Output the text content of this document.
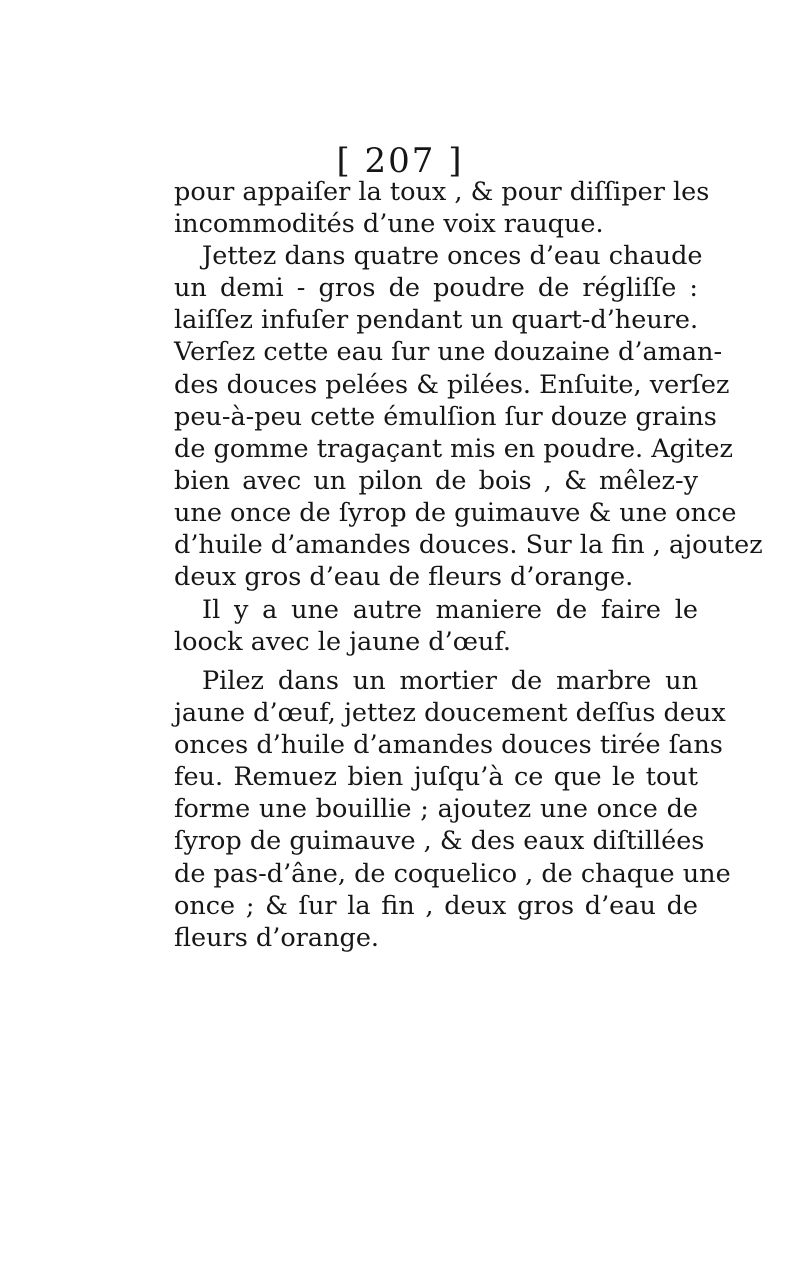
[ 207 ]
pour appaiſer la toux , & pour diſſiper les
incommodités d’une voix rauque.
Jettez dans quatre onces d’eau chaude
un demi - gros de poudre de régliſſe :
laiſſez infuſer pendant un quart-d’heure.
Verſez cette eau ſur une douzaine d’aman-
des douces pelées & pilées. Enſuite, verſez
peu-à-peu cette émulſion ſur douze grains
de gomme tragaçant mis en poudre. Agitez
bien avec un pilon de bois , & mêlez-y
une once de ſyrop de guimauve & une once
d’huile d’amandes douces. Sur la fin , ajoutez
deux gros d’eau de fleurs d’orange.
Il y a une autre maniere de faire le
loock avec le jaune d’œuf.
Pilez dans un mortier de marbre un
jaune d’œuf, jettez doucement deſſus deux
onces d’huile d’amandes douces tirée ſans
feu. Remuez bien juſqu’à ce que le tout
forme une bouillie ; ajoutez une once de
ſyrop de guimauve , & des eaux diſtillées
de pas-d’âne, de coquelico , de chaque une
once ; & ſur la fin , deux gros d’eau de
fleurs d’orange.
